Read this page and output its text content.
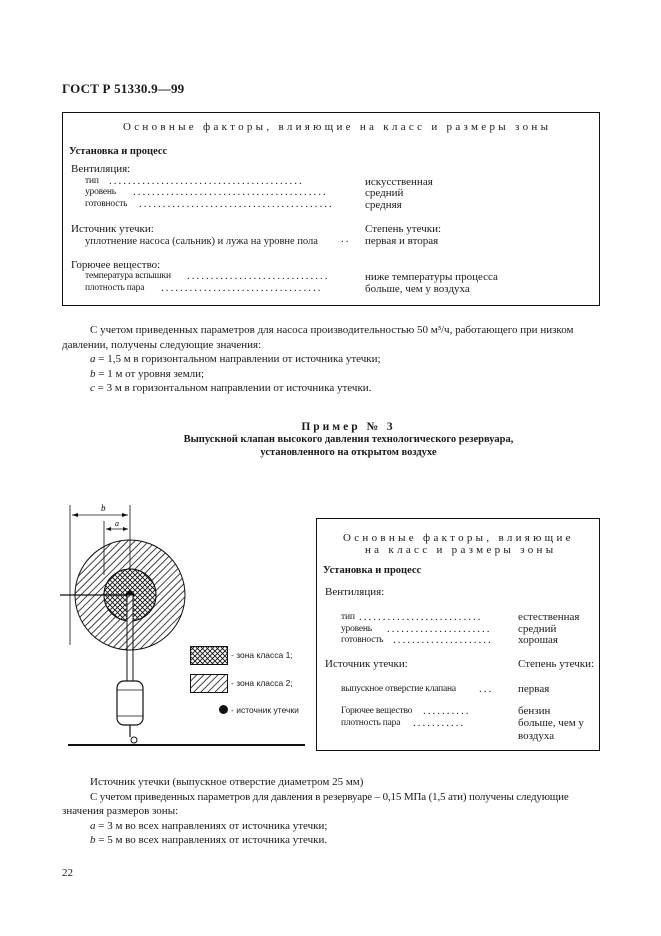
ГОСТ Р 51330.9—99
Основные факторы, влияющие на класс и размеры зоны
Установка и процесс
Вентиляция:
тип .........................................	искусственная
уровень .........................................	средний
готовность .........................................	средняя
Источник утечки:	Степень утечки:
уплотнение насоса (сальник) и лужа на уровне пола ..	первая и вторая
Горючее вещество:
температура вспышки ..............................	ниже температуры процесса
плотность пара ..................................	больше, чем у воздуха
С учетом приведенных параметров для насоса производительностью 50 м³/ч, работающего при низком
давлении, получены следующие значения:
a = 1,5 м в горизонтальном направлении от источника утечки;
b = 1 м от уровня земли;
c = 3 м в горизонтальном направлении от источника утечки.
Пример № 3
Выпускной клапан высокого давления технологического резервуара,
установленного на открытом воздухе
b
a
- зона класса 1;
- зона класса 2;
- источник утечки
Основные факторы, влияющие
на класс и размеры зоны
Установка и процесс
Вентиляция:
тип ..........................	естественная
уровень ......................	средний
готовность .....................	хорошая
Источник утечки:	Степень утечки:
выпускное отверстие клапана ...	первая
Горючее вещество ..........	бензин
плотность пара ...........	больше, чем у
воздуха
Источник утечки (выпускное отверстие диаметром 25 мм)
С учетом приведенных параметров для давления в резервуаре – 0,15 МПа (1,5 ати) получены следующие
значения размеров зоны:
a = 3 м во всех направлениях от источника утечки;
b = 5 м во всех направлениях от источника утечки.
22
